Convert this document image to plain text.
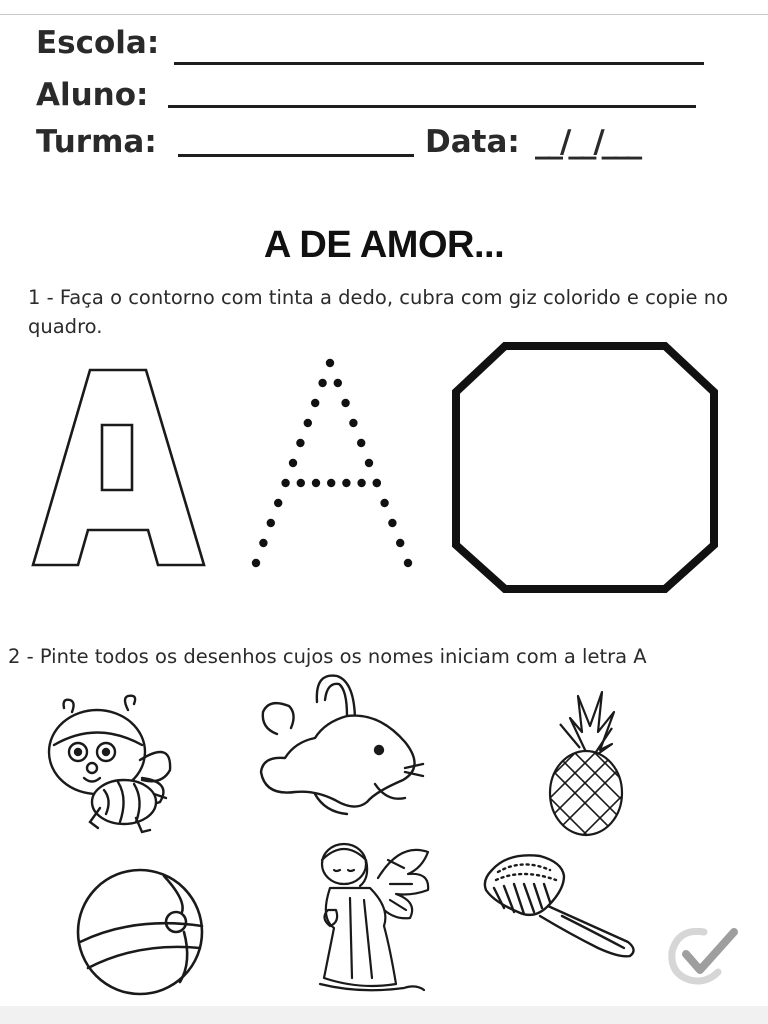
Escola:
Aluno:
Turma:	Data: __/__/___
A DE AMOR...
1 - Faça o contorno com tinta a dedo, cubra com giz colorido e copie no quadro.
2 - Pinte todos os desenhos cujos os nomes iniciam com a letra A
